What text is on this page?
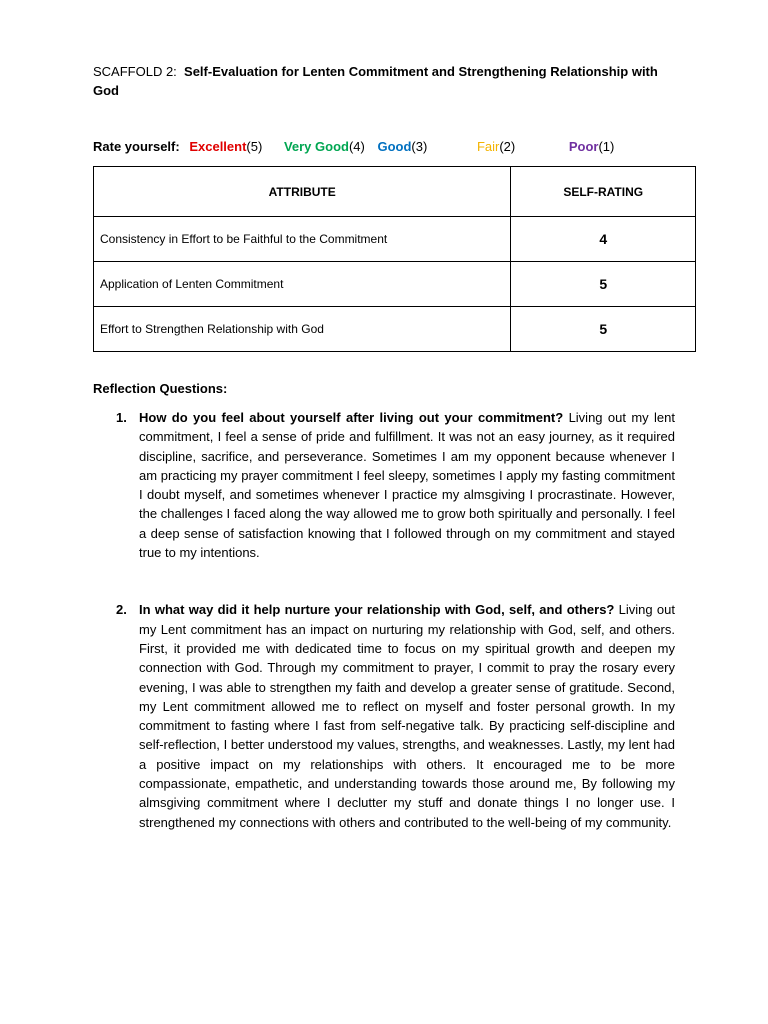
SCAFFOLD 2: Self-Evaluation for Lenten Commitment and Strengthening Relationship with God

Rate yourself: Excellent(5) Very Good(4) Good(3)	Fair(2)	Poor(1)
ATTRIBUTE	SELF-RATING
Consistency in Effort to be Faithful to the Commitment	4
Application of Lenten Commitment	5
Effort to Strengthen Relationship with God	5
Reflection Questions:
1. How do you feel about yourself after living out your commitment? Living out my lent commitment, I feel a sense of pride and fulfillment. It was not an easy journey, as it required discipline, sacrifice, and perseverance. Sometimes I am my opponent because whenever I am practicing my prayer commitment I feel sleepy, sometimes I apply my fasting commitment I doubt myself, and sometimes whenever I practice my almsgiving I procrastinate. However, the challenges I faced along the way allowed me to grow both spiritually and personally. I feel a deep sense of satisfaction knowing that I followed through on my commitment and stayed true to my intentions.
2. In what way did it help nurture your relationship with God, self, and others? Living out my Lent commitment has an impact on nurturing my relationship with God, self, and others. First, it provided me with dedicated time to focus on my spiritual growth and deepen my connection with God. Through my commitment to prayer, I commit to pray the rosary every evening, I was able to strengthen my faith and develop a greater sense of gratitude. Second, my Lent commitment allowed me to reflect on myself and foster personal growth. In my commitment to fasting where I fast from self-negative talk. By practicing self-discipline and self-reflection, I better understood my values, strengths, and weaknesses. Lastly, my lent had a positive impact on my relationships with others. It encouraged me to be more compassionate, empathetic, and understanding towards those around me, By following my almsgiving commitment where I declutter my stuff and donate things I no longer use. I strengthened my connections with others and contributed to the well-being of my community.
